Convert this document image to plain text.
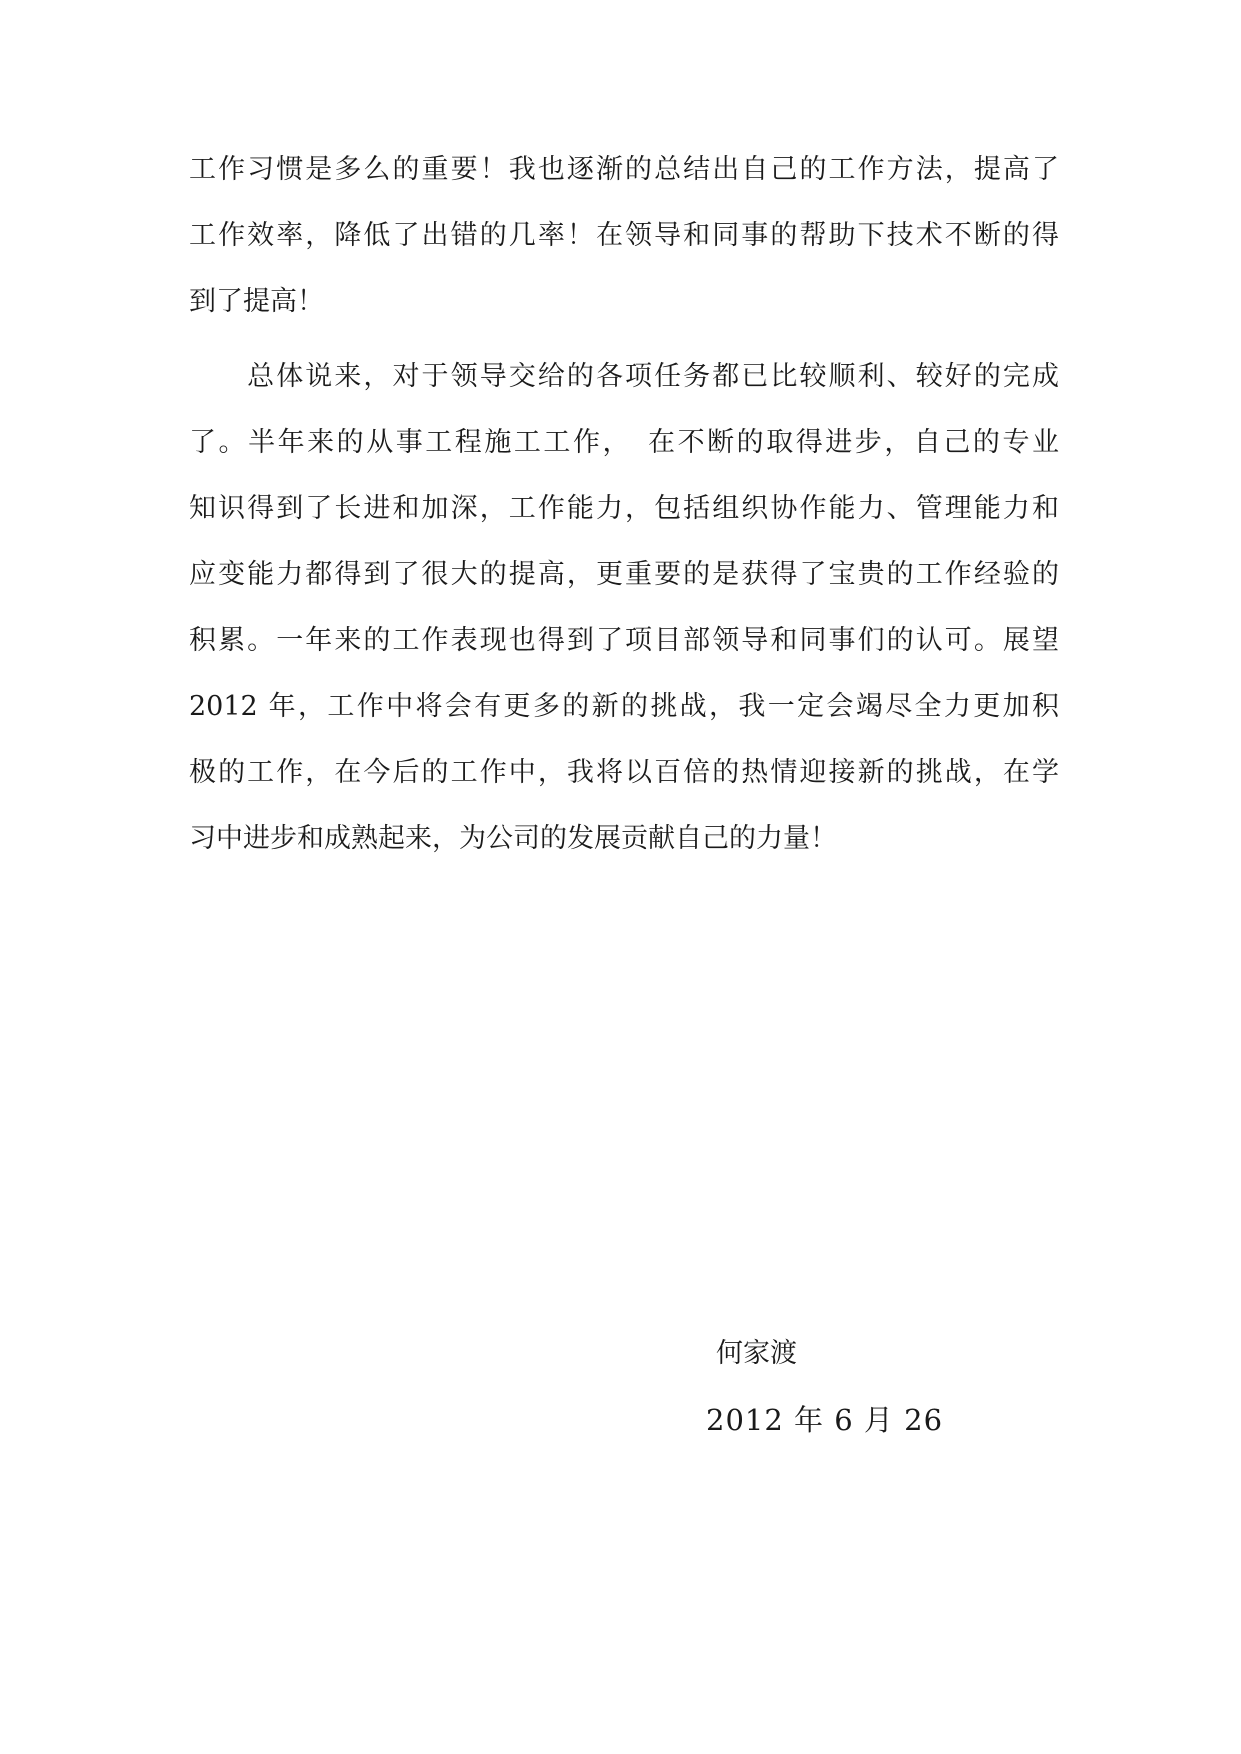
工作习惯是多么的重要！我也逐渐的总结出自己的工作方法，提高了
工作效率，降低了出错的几率！在领导和同事的帮助下技术不断的得
到了提高！
　　总体说来，对于领导交给的各项任务都已比较顺利、较好的完成
了。半年来的从事工程施工工作，　在不断的取得进步，自己的专业
知识得到了长进和加深，工作能力，包括组织协作能力、管理能力和
应变能力都得到了很大的提高，更重要的是获得了宝贵的工作经验的
积累。一年来的工作表现也得到了项目部领导和同事们的认可。展望
2012 年，工作中将会有更多的新的挑战，我一定会竭尽全力更加积
极的工作，在今后的工作中，我将以百倍的热情迎接新的挑战，在学
习中进步和成熟起来，为公司的发展贡献自己的力量！
何家渡
2012 年 6 月 26
